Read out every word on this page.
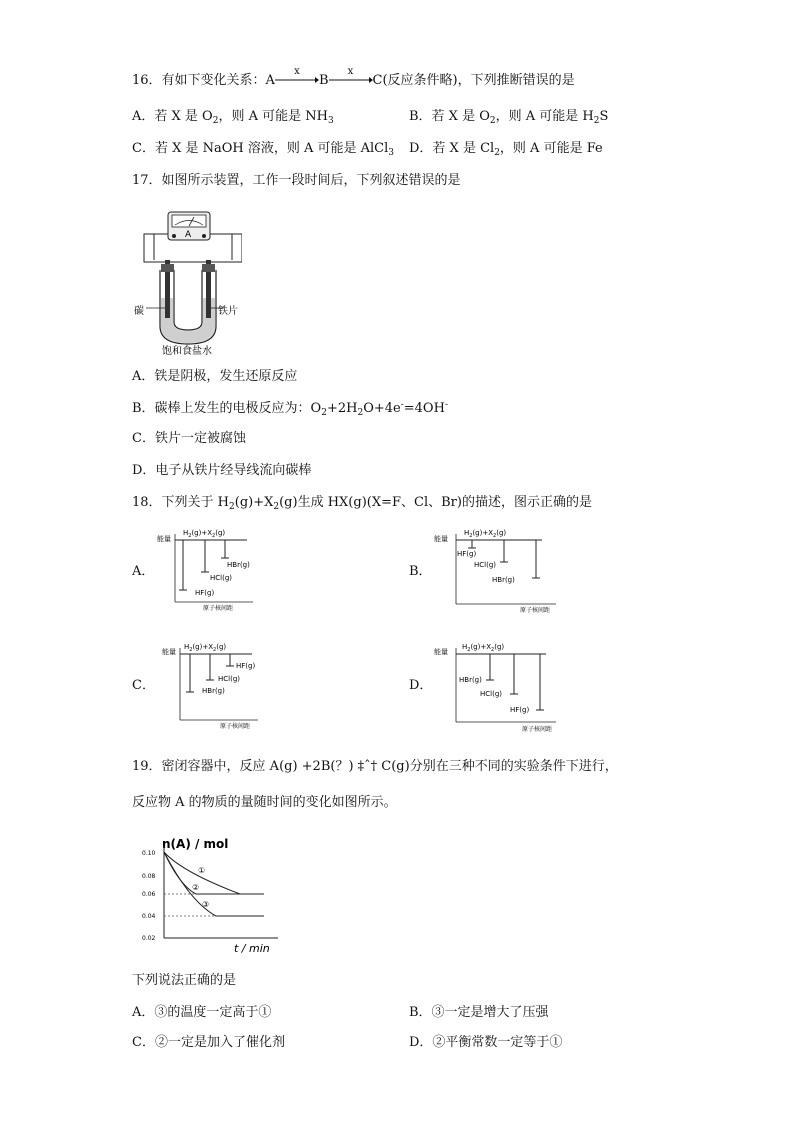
16．有如下变化关系：A
x
B
x
C(反应条件略)，下列推断错误的是
A．若 X 是 $O_2$，则 A 可能是 $NH_3$	B．若 X 是 $O_2$，则 A 可能是 $H_2S$
C．若 X 是 NaOH 溶液，则 A 可能是 AlCl$_3$ D．若 X 是 $Cl_2$，则 A 可能是 Fe
17．如图所示装置，工作一段时间后，下列叙述错误的是
A
碳	铁片
饱和食盐水
A．铁是阴极，发生还原反应
B．碳棒上发生的电极反应为：$O_2+2H_2O+4e^-=4OH^-$
C．铁片一定被腐蚀
D．电子从铁片经导线流向碳棒
18．下列关于 $H_2(g)+X_2(g)$生成 HX(g)(X=F、Cl、Br)的描述，图示正确的是
A．	B．
C．	D．
能量
$H_2(g)+X_2(g)$
HBr(g)
HCl(g)
HF(g)
原子核间距
能量
$H_2(g)+X_2(g)$
HF(g)
HCl(g)
HBr(g)
原子核间距
能量
$H_2(g)+X_2(g)$
HF(g)
HCl(g)
HBr(g)
原子核间距
能量
$H_2(g)+X_2(g)$
HBr(g)
HCl(g)
HF(g)
原子核间距
19．密闭容器中，反应 A(g) +2B(？) ‡ˆ† C(g)分别在三种不同的实验条件下进行，
反应物 A 的物质的量随时间的变化如图所示。
n(A) / mol
0.10
0.08
0.06
0.04
0.02
①
②
③
t / min
下列说法正确的是
A．③的温度一定高于①	B．③一定是增大了压强
C．②一定是加入了催化剂	D．②平衡常数一定等于①
